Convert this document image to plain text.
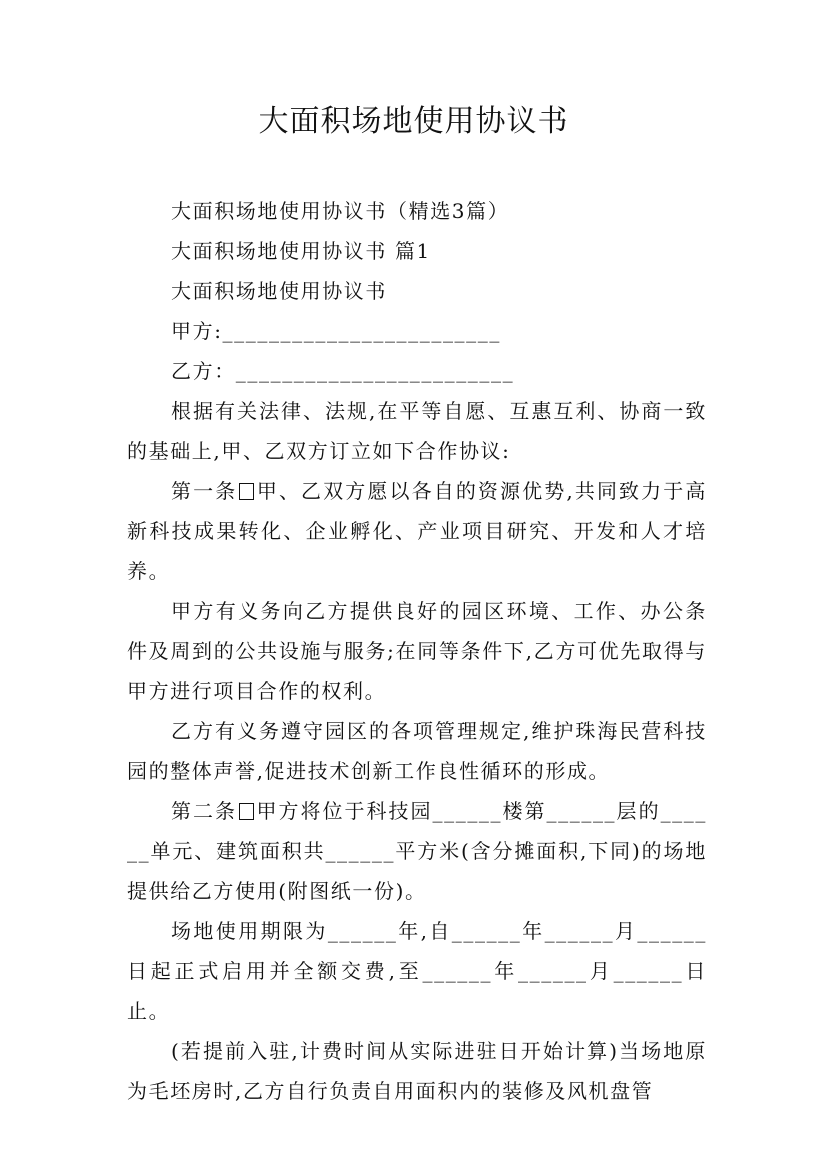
大面积场地使用协议书

大面积场地使用协议书（精选3篇）

大面积场地使用协议书 篇1

大面积场地使用协议书

甲方:________________________

乙方：________________________

根据有关法律、法规,在平等自愿、互惠互利、协商一致的基础上,甲、乙双方订立如下合作协议:

第一条 甲、乙双方愿以各自的资源优势,共同致力于高新科技成果转化、企业孵化、产业项目研究、开发和人才培养。

甲方有义务向乙方提供良好的园区环境、工作、办公条件及周到的公共设施与服务;在同等条件下,乙方可优先取得与甲方进行项目合作的权利。

乙方有义务遵守园区的各项管理规定,维护珠海民营科技园的整体声誉,促进技术创新工作良性循环的形成。

第二条 甲方将位于科技园______楼第______层的______单元、建筑面积共______平方米(含分摊面积,下同)的场地提供给乙方使用(附图纸一份)。

场地使用期限为______年,自______年______月______日起正式启用并全额交费,至______年______月______日止。

(若提前入驻,计费时间从实际进驻日开始计算)当场地原为毛坯房时,乙方自行负责自用面积内的装修及风机盘管
